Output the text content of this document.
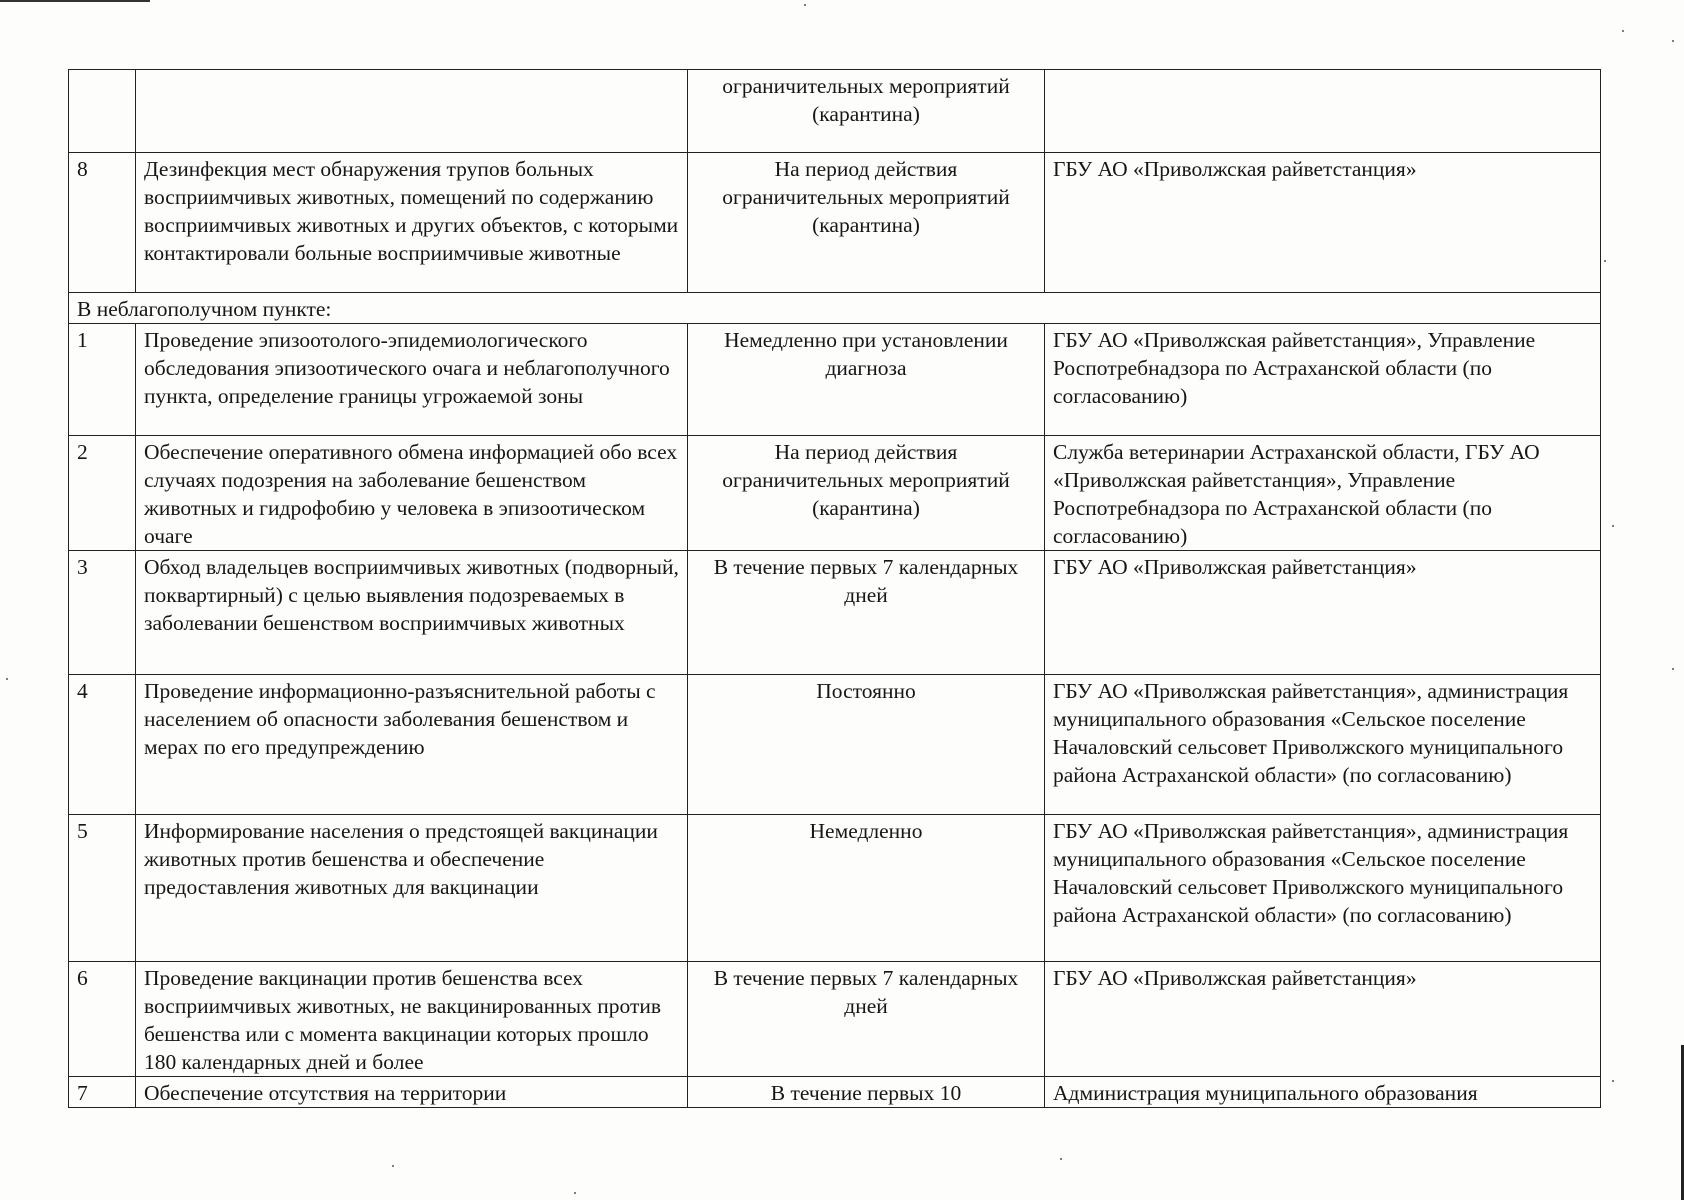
		ограничительных мероприятий (карантина)	
8	Дезинфекция мест обнаружения трупов больных восприимчивых животных, помещений по содержанию восприимчивых животных и других объектов, с которыми контактировали больные восприимчивые животные	На период действия ограничительных мероприятий (карантина)	ГБУ АО «Приволжская райветстанция»
В неблагополучном пункте:			
1	Проведение эпизоотолого-эпидемиологического обследования эпизоотического очага и неблагополучного пункта, определение границы угрожаемой зоны	Немедленно при установлении диагноза	ГБУ АО «Приволжская райветстанция», Управление Роспотребнадзора по Астраханской области (по согласованию)
2	Обеспечение оперативного обмена информацией обо всех случаях подозрения на заболевание бешенством животных и гидрофобию у человека в эпизоотическом очаге	На период действия ограничительных мероприятий (карантина)	Служба ветеринарии Астраханской области, ГБУ АО «Приволжская райветстанция», Управление Роспотребнадзора по Астраханской области (по согласованию)
3	Обход владельцев восприимчивых животных (подворный, поквартирный) с целью выявления подозреваемых в заболевании бешенством восприимчивых животных	В течение первых 7 календарных дней	ГБУ АО «Приволжская райветстанция»
4	Проведение информационно-разъяснительной работы с населением об опасности заболевания бешенством и мерах по его предупреждению	Постоянно	ГБУ АО «Приволжская райветстанция», администрация муниципального образования «Сельское поселение Началовский сельсовет Приволжского муниципального района Астраханской области» (по согласованию)
5	Информирование населения о предстоящей вакцинации животных против бешенства и обеспечение предоставления животных для вакцинации	Немедленно	ГБУ АО «Приволжская райветстанция», администрация муниципального образования «Сельское поселение Началовский сельсовет Приволжского муниципального района Астраханской области» (по согласованию)
6	Проведение вакцинации против бешенства всех восприимчивых животных, не вакцинированных против бешенства или с момента вакцинации которых прошло 180 календарных дней и более	В течение первых 7 календарных дней	ГБУ АО «Приволжская райветстанция»
7	Обеспечение отсутствия на территории	В течение первых 10	Администрация муниципального образования
